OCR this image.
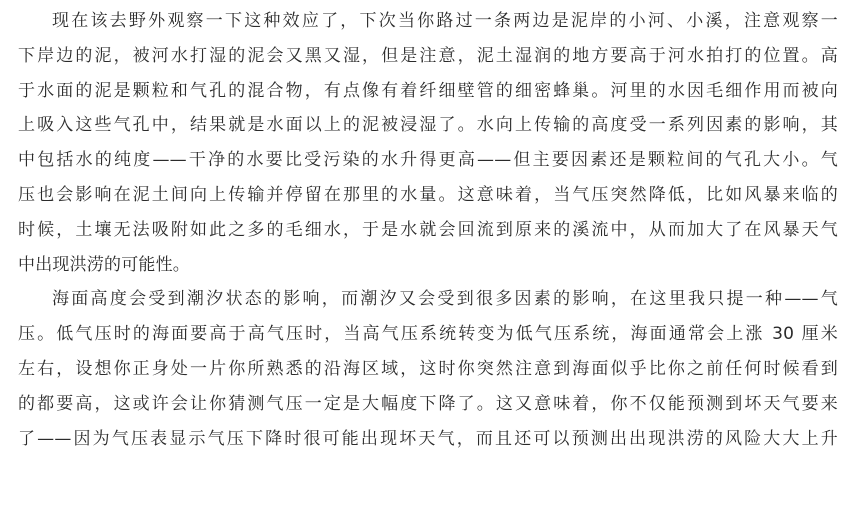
现在该去野外观察一下这种效应了，下次当你路过一条两边是泥岸的小河、小溪，注意观察一
下岸边的泥，被河水打湿的泥会又黑又湿，但是注意，泥土湿润的地方要高于河水拍打的位置。高
于水面的泥是颗粒和气孔的混合物，有点像有着纤细壁管的细密蜂巢。河里的水因毛细作用而被向
上吸入这些气孔中，结果就是水面以上的泥被浸湿了。水向上传输的高度受一系列因素的影响，其
中包括水的纯度——干净的水要比受污染的水升得更高——但主要因素还是颗粒间的气孔大小。气
压也会影响在泥土间向上传输并停留在那里的水量。这意味着，当气压突然降低，比如风暴来临的
时候，土壤无法吸附如此之多的毛细水，于是水就会回流到原来的溪流中，从而加大了在风暴天气
中出现洪涝的可能性。
海面高度会受到潮汐状态的影响，而潮汐又会受到很多因素的影响，在这里我只提一种——气
压。低气压时的海面要高于高气压时，当高气压系统转变为低气压系统，海面通常会上涨 30 厘米
左右，设想你正身处一片你所熟悉的沿海区域，这时你突然注意到海面似乎比你之前任何时候看到
的都要高，这或许会让你猜测气压一定是大幅度下降了。这又意味着，你不仅能预测到坏天气要来
了——因为气压表显示气压下降时很可能出现坏天气，而且还可以预测出出现洪涝的风险大大上升
